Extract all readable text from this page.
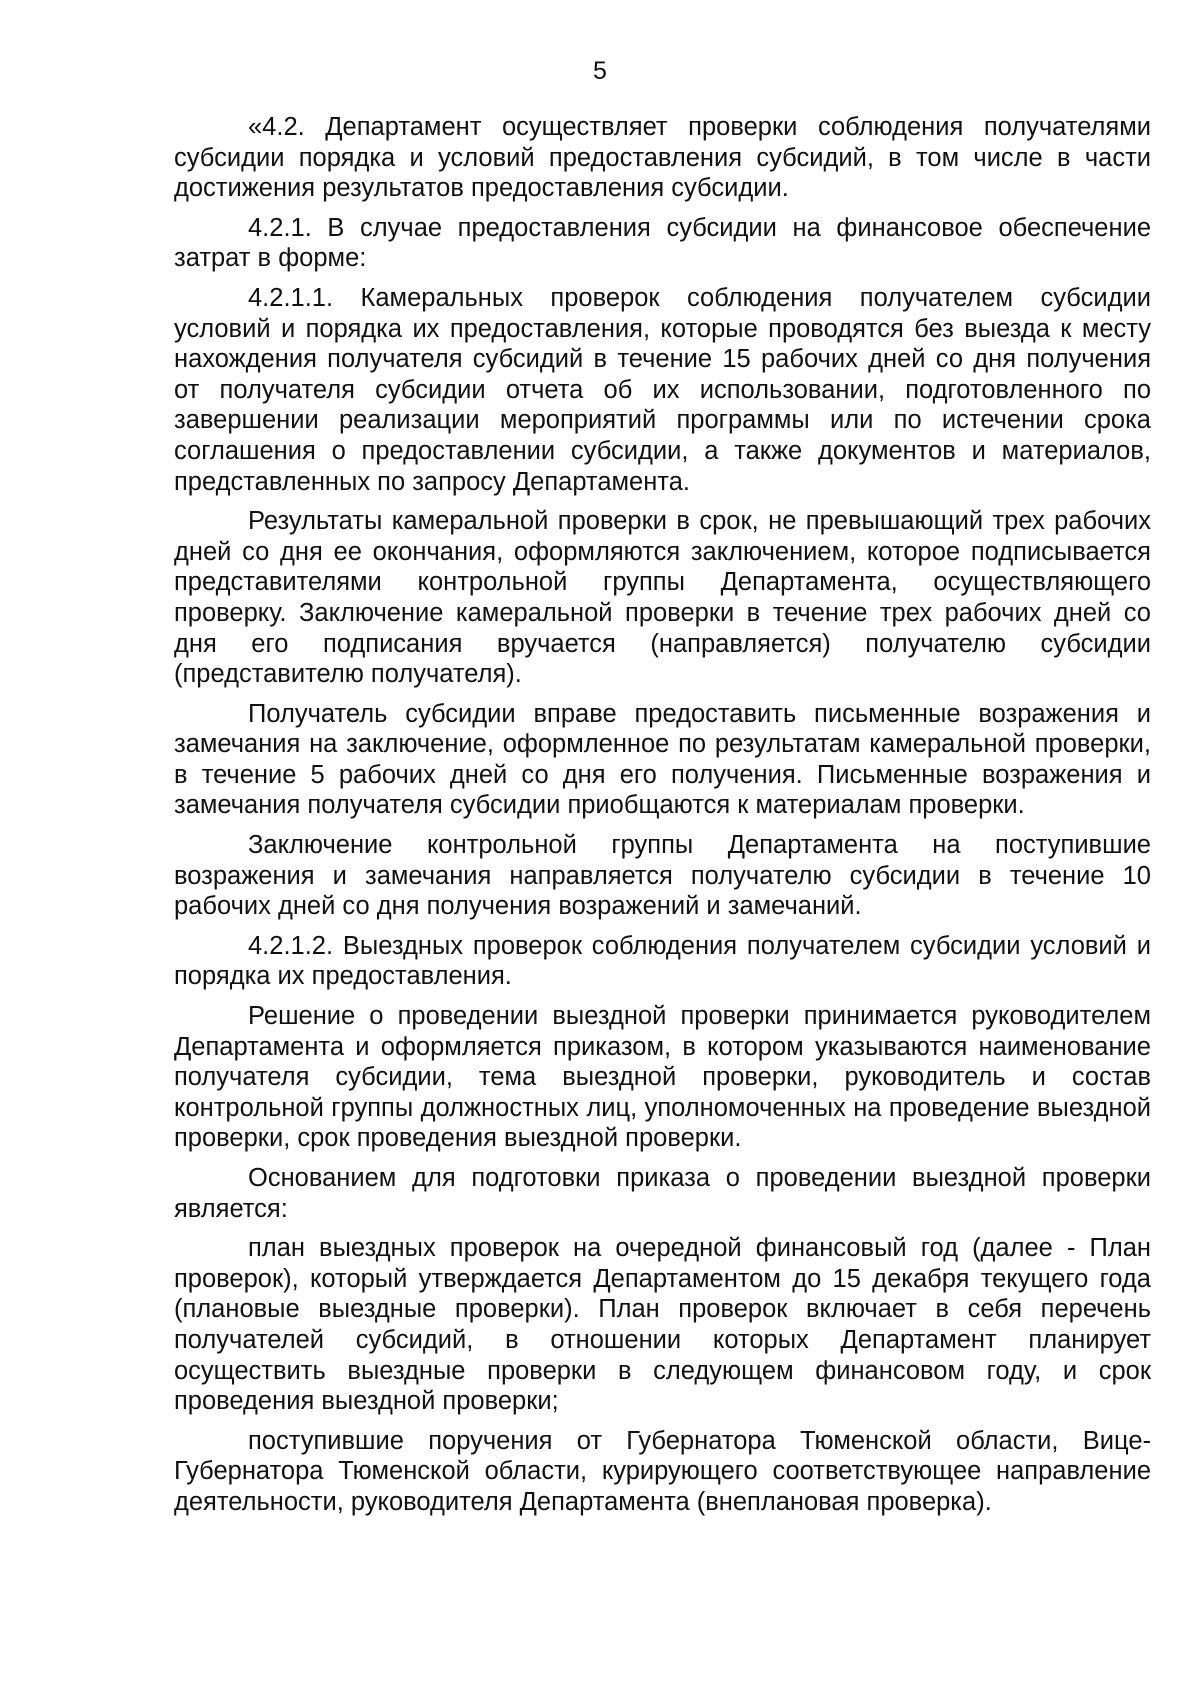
5

«4.2. Департамент осуществляет проверки соблюдения получателями субсидии порядка и условий предоставления субсидий, в том числе в части достижения результатов предоставления субсидии.

4.2.1. В случае предоставления субсидии на финансовое обеспечение затрат в форме:

4.2.1.1. Камеральных проверок соблюдения получателем субсидии условий и порядка их предоставления, которые проводятся без выезда к месту нахождения получателя субсидий в течение 15 рабочих дней со дня получения от получателя субсидии отчета об их использовании, подготовленного по завершении реализации мероприятий программы или по истечении срока соглашения о предоставлении субсидии, а также документов и материалов, представленных по запросу Департамента.

Результаты камеральной проверки в срок, не превышающий трех рабочих дней со дня ее окончания, оформляются заключением, которое подписывается представителями контрольной группы Департамента, осуществляющего проверку. Заключение камеральной проверки в течение трех рабочих дней со дня его подписания вручается (направляется) получателю субсидии (представителю получателя).

Получатель субсидии вправе предоставить письменные возражения и замечания на заключение, оформленное по результатам камеральной проверки, в течение 5 рабочих дней со дня его получения. Письменные возражения и замечания получателя субсидии приобщаются к материалам проверки.

Заключение контрольной группы Департамента на поступившие возражения и замечания направляется получателю субсидии в течение 10 рабочих дней со дня получения возражений и замечаний.

4.2.1.2. Выездных проверок соблюдения получателем субсидии условий и порядка их предоставления.

Решение о проведении выездной проверки принимается руководителем Департамента и оформляется приказом, в котором указываются наименование получателя субсидии, тема выездной проверки, руководитель и состав контрольной группы должностных лиц, уполномоченных на проведение выездной проверки, срок проведения выездной проверки.

Основанием для подготовки приказа о проведении выездной проверки является:

план выездных проверок на очередной финансовый год (далее - План проверок), который утверждается Департаментом до 15 декабря текущего года (плановые выездные проверки). План проверок включает в себя перечень получателей субсидий, в отношении которых Департамент планирует осуществить выездные проверки в следующем финансовом году, и срок проведения выездной проверки;

поступившие поручения от Губернатора Тюменской области, Вице-Губернатора Тюменской области, курирующего соответствующее направление деятельности, руководителя Департамента (внеплановая проверка).
